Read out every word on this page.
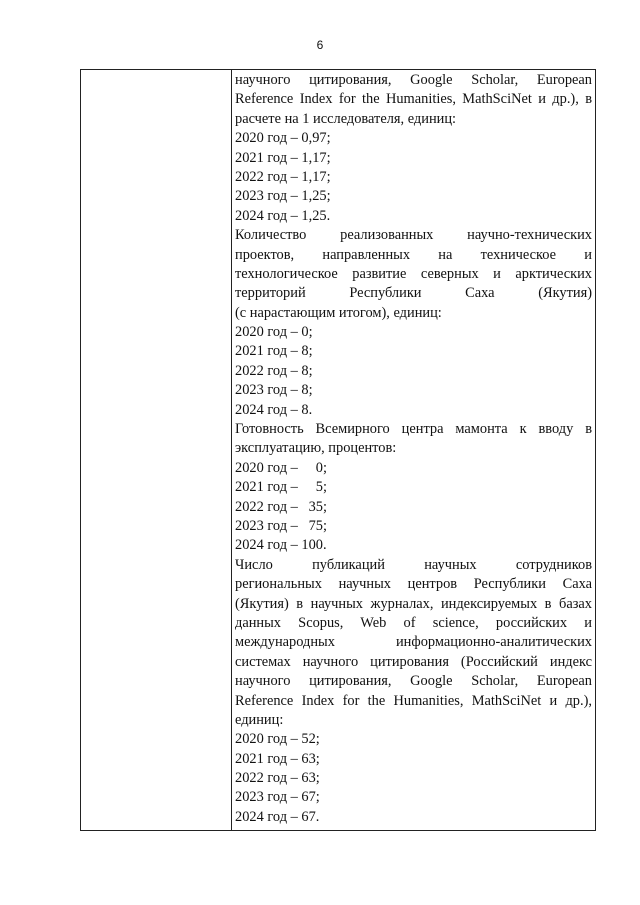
6
научного цитирования, Google Scholar, European
Reference Index for the Humanities, MathSciNet и др.), в
расчете на 1 исследователя, единиц:
2020 год – 0,97;
2021 год – 1,17;
2022 год – 1,17;
2023 год – 1,25;
2024 год – 1,25.
Количество реализованных научно-технических
проектов, направленных на техническое и
технологическое развитие северных и арктических
территорий Республики Саха (Якутия)
(с нарастающим итогом), единиц:
2020 год – 0;
2021 год – 8;
2022 год – 8;
2023 год – 8;
2024 год – 8.
Готовность Всемирного центра мамонта к вводу в
эксплуатацию, процентов:
2020 год –     0;
2021 год –     5;
2022 год –   35;
2023 год –   75;
2024 год – 100.
Число публикаций научных сотрудников
региональных научных центров Республики Саха
(Якутия) в научных журналах, индексируемых в базах
данных Scopus, Web of science, российских и
международных информационно-аналитических
системах научного цитирования (Российский индекс
научного цитирования, Google Scholar, European
Reference Index for the Humanities, MathSciNet и др.),
единиц:
2020 год – 52;
2021 год – 63;
2022 год – 63;
2023 год – 67;
2024 год – 67.
